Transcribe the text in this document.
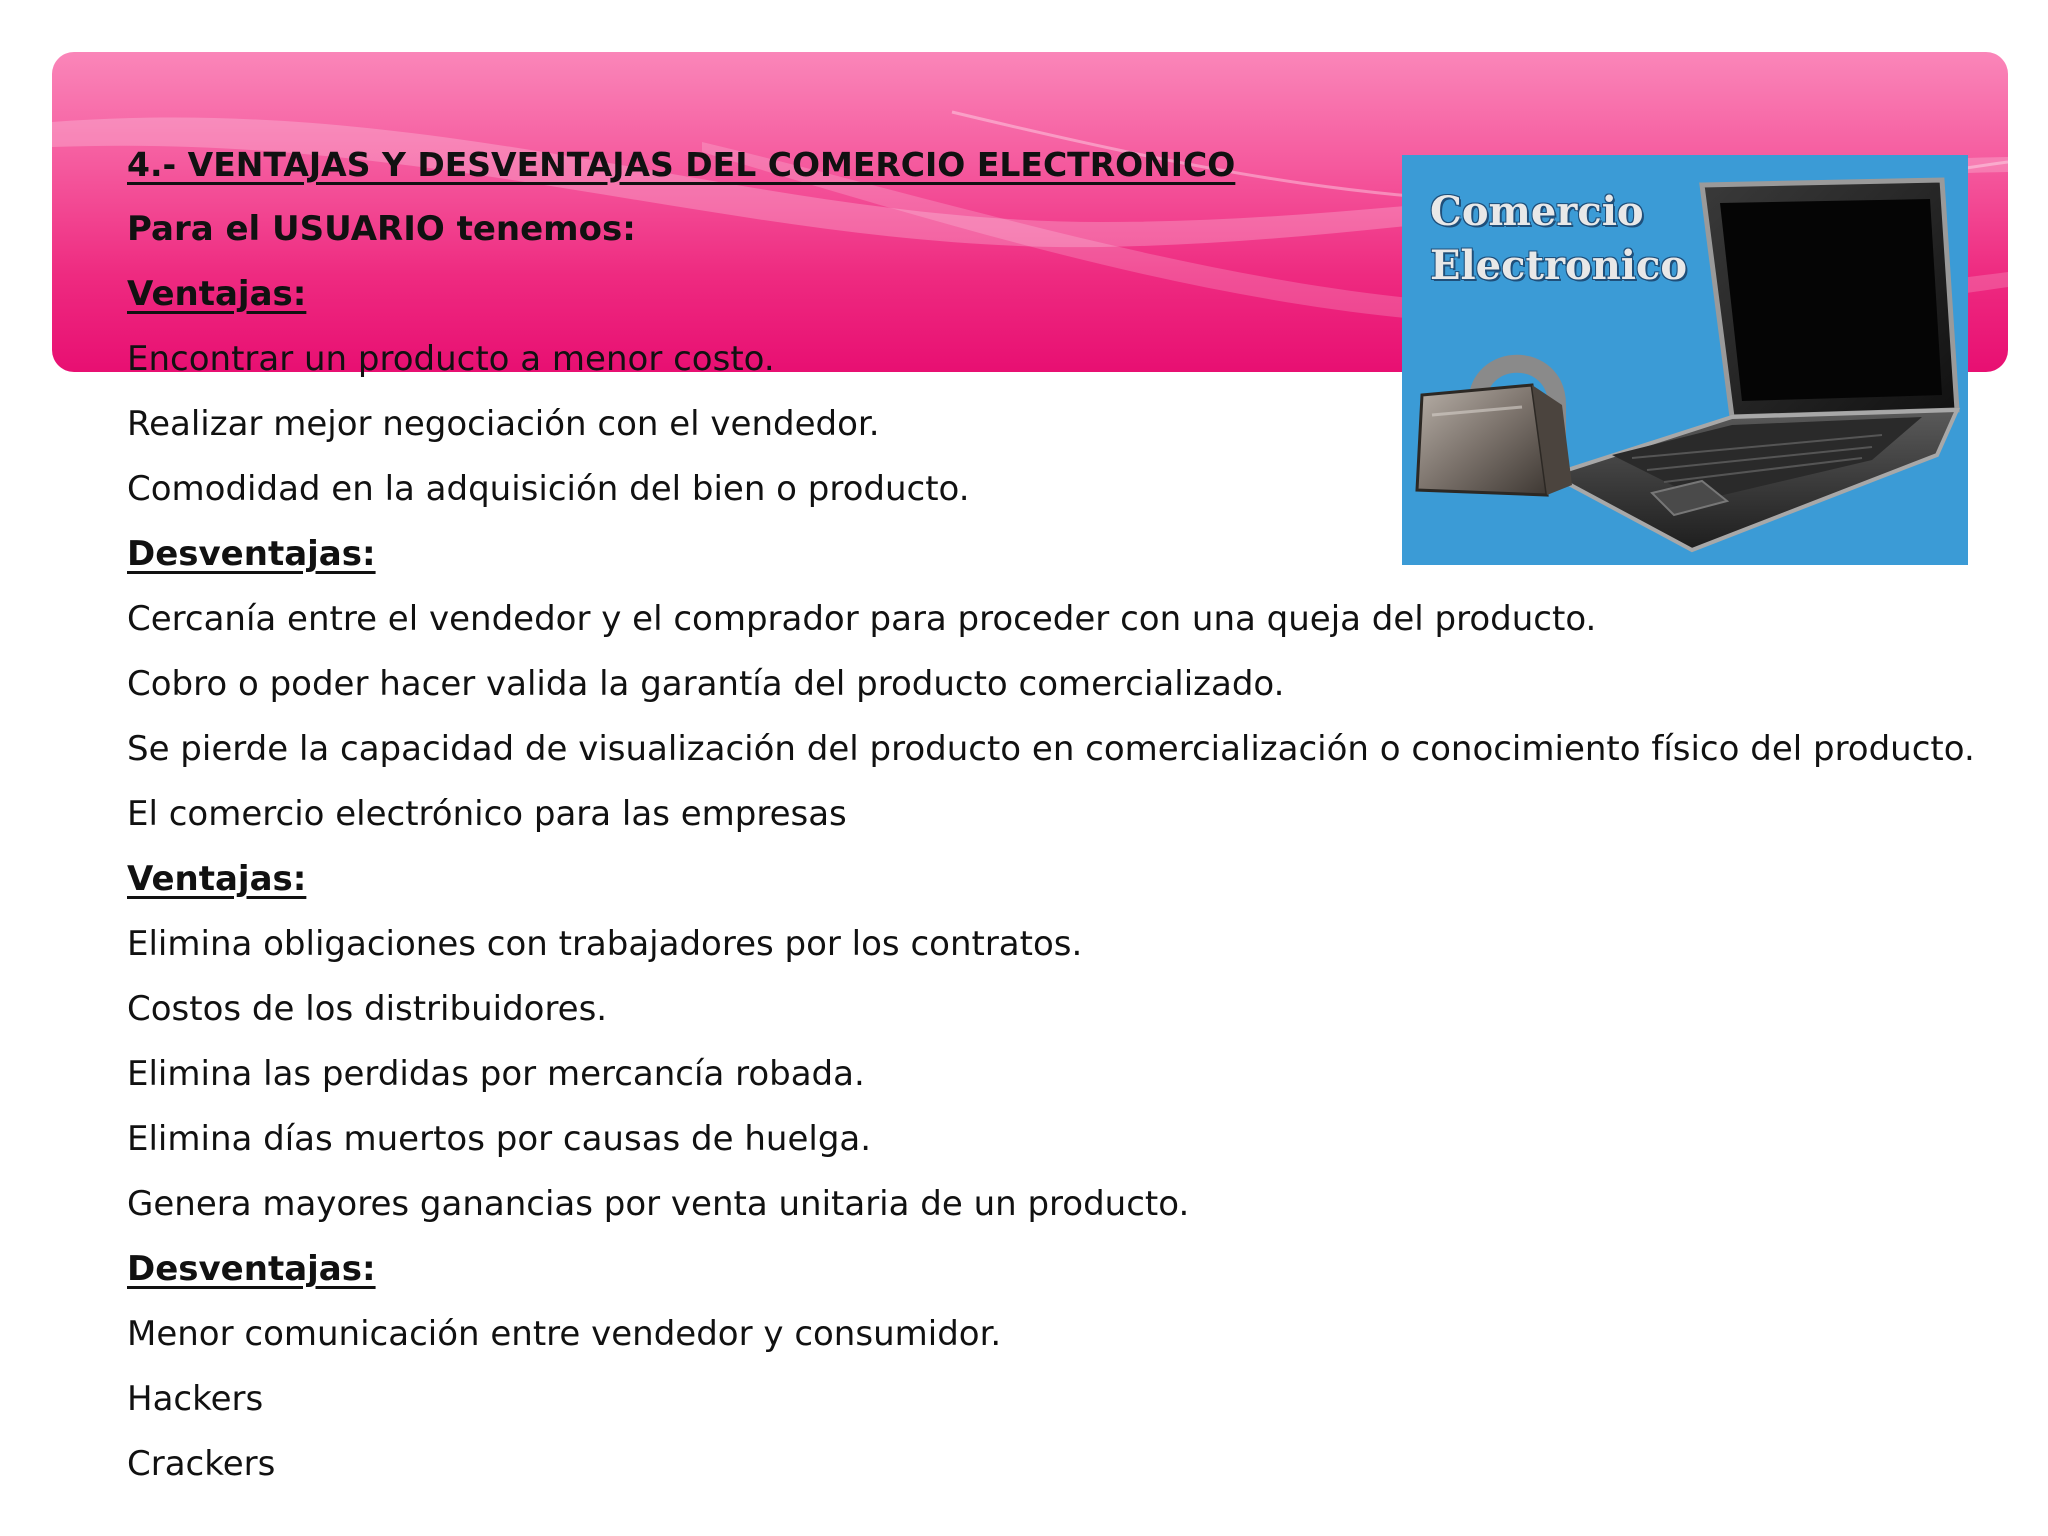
4.- VENTAJAS Y DESVENTAJAS DEL COMERCIO ELECTRONICO
Para el USUARIO tenemos:
Ventajas:
Encontrar un producto a menor costo.
Realizar mejor negociación con el vendedor.
Comodidad en la adquisición del bien o producto.
Desventajas:
Cercanía entre el vendedor y el comprador para proceder con una queja del producto.
Cobro o poder hacer valida la garantía del producto comercializado.
Se pierde la capacidad de visualización del producto en comercialización o conocimiento físico del producto.
El comercio electrónico para las empresas
Ventajas:
Elimina obligaciones con trabajadores por los contratos.
Costos de los distribuidores.
Elimina las perdidas por mercancía robada.
Elimina días muertos por causas de huelga.
Genera mayores ganancias por venta unitaria de un producto.
Desventajas:
Menor comunicación entre vendedor y consumidor.
Hackers
Crackers
Comercio
Electronico
